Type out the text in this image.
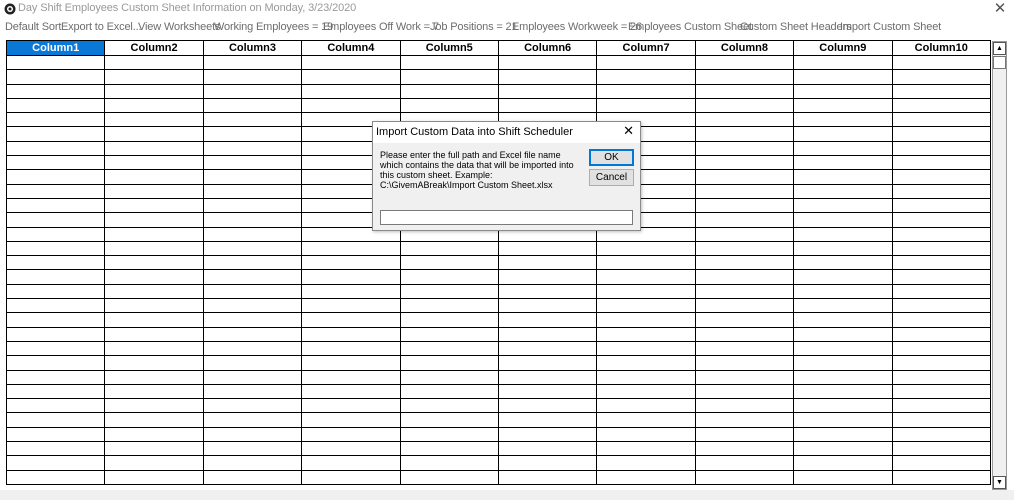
Day Shift Employees Custom Sheet Information on Monday, 3/23/2020	✕
Default Sort Export to Excel...
View Worksheets
Working Employees = 19
Employees Off Work = 7
Job Positions = 21
Employees Workweek = 26
Employees Custom Sheet
Custom Sheet Headers
Import Custom Sheet
Column1	Column2	Column3	Column4	Column5	Column6	Column7	Column8	Column9	Column10

										▲
▼
Import Custom Data into Shift Scheduler	✕
Please enter the full path and Excel file name which contains the data that will be imported into this custom sheet. Example: C:\GivemABreak\Import Custom Sheet.xlsx
OK
Cancel
